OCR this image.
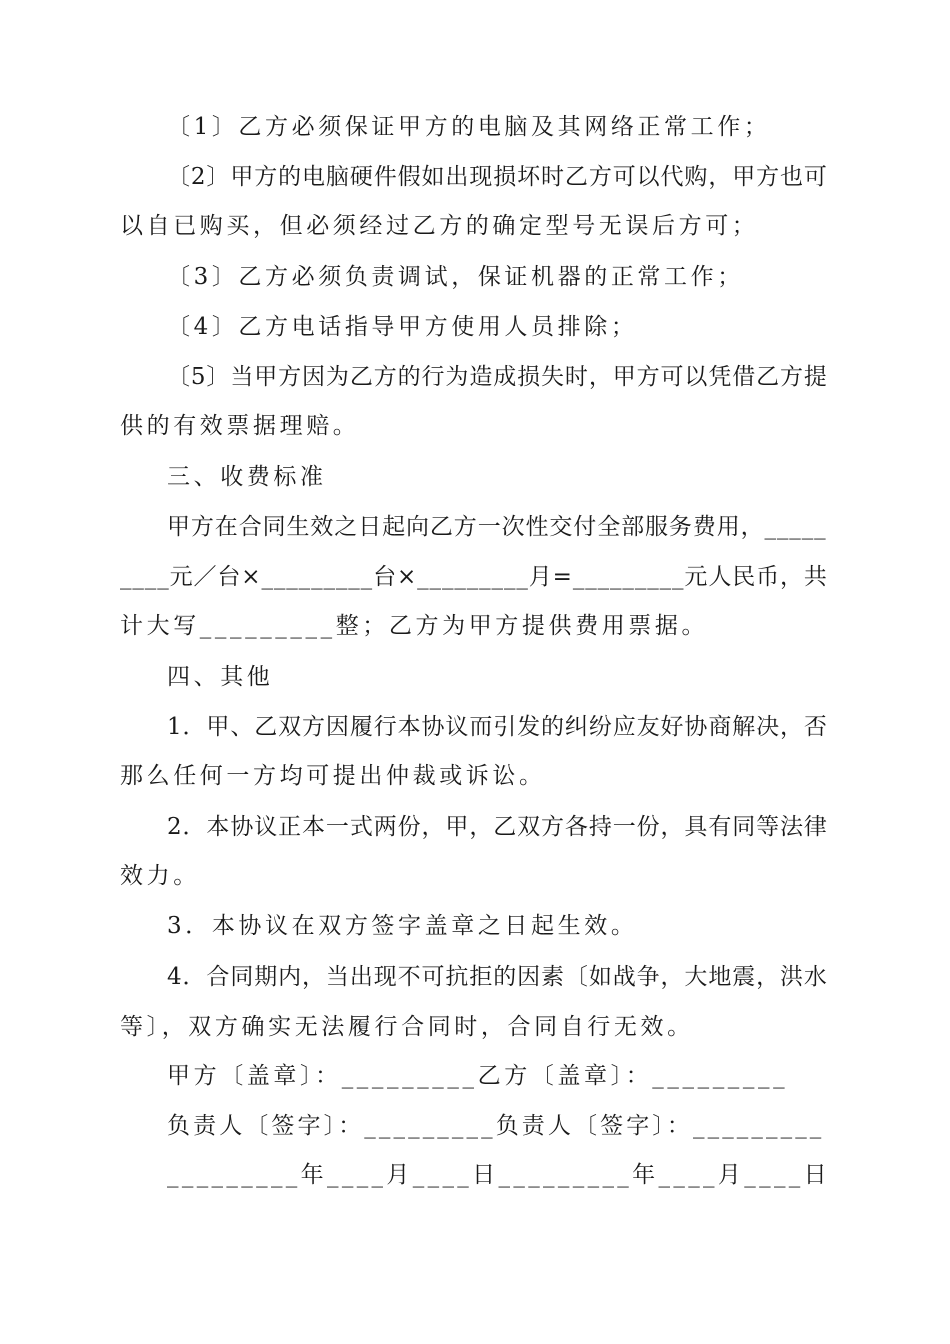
〔1〕乙方必须保证甲方的电脑及其网络正常工作；
〔2〕甲方的电脑硬件假如出现损坏时乙方可以代购，甲方也可
以自已购买，但必须经过乙方的确定型号无误后方可；
〔3〕乙方必须负责调试，保证机器的正常工作；
〔4〕乙方电话指导甲方使用人员排除；
〔5〕当甲方因为乙方的行为造成损失时，甲方可以凭借乙方提
供的有效票据理赔。
三、收费标准
甲方在合同生效之日起向乙方一次性交付全部服务费用，_____
____元／台×_________台×_________月=_________元人民币，共
计大写_________整；乙方为甲方提供费用票据。
四、其他
1．甲、乙双方因履行本协议而引发的纠纷应友好协商解决，否
那么任何一方均可提出仲裁或诉讼。
2．本协议正本一式两份，甲，乙双方各持一份，具有同等法律
效力。
3．本协议在双方签字盖章之日起生效。
4．合同期内，当出现不可抗拒的因素〔如战争，大地震，洪水
等〕，双方确实无法履行合同时，合同自行无效。
甲方〔盖章〕：_________乙方〔盖章〕：_________
负责人〔签字〕：_________负责人〔签字〕：_________
_________年____月____日_________年____月____日
